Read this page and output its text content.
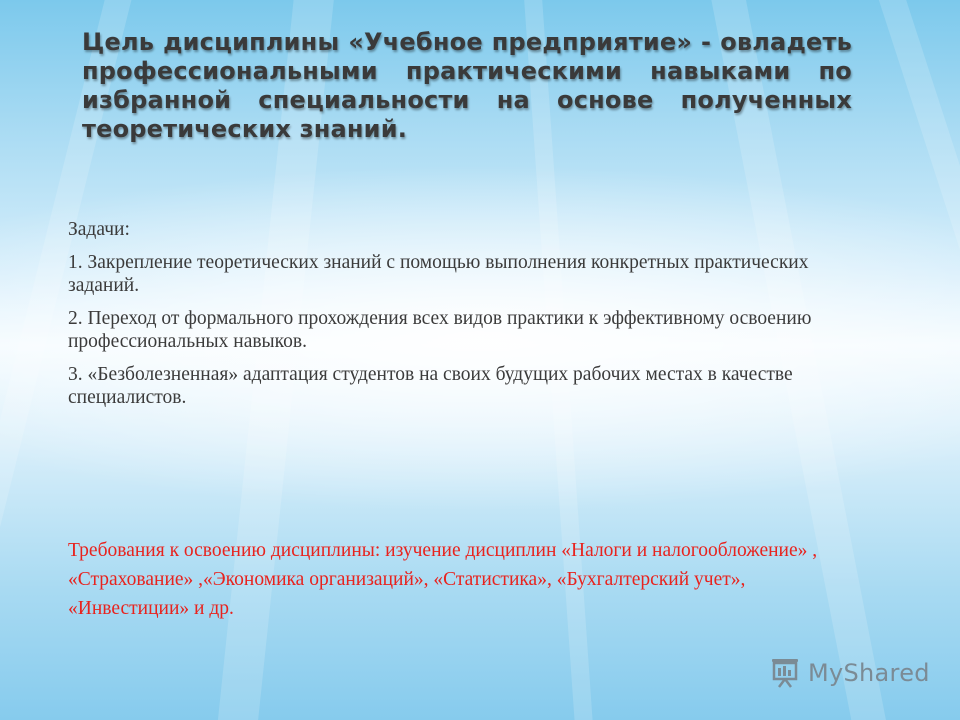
Цель дисциплины «Учебное предприятие» - овладеть профессиональными практическими навыками по избранной специальности на основе полученных теоретических знаний.

Задачи:

1. Закрепление теоретических знаний с помощью выполнения конкретных практических заданий.

2. Переход от формального прохождения всех видов практики к эффективному освоению профессиональных навыков.

3. «Безболезненная» адаптация студентов на своих будущих рабочих местах в качестве специалистов.

Требования к освоению дисциплины: изучение дисциплин «Налоги и налогообложение» , «Страхование» ,«Экономика организаций», «Статистика», «Бухгалтерский учет», «Инвестиции» и др.

MyShared
